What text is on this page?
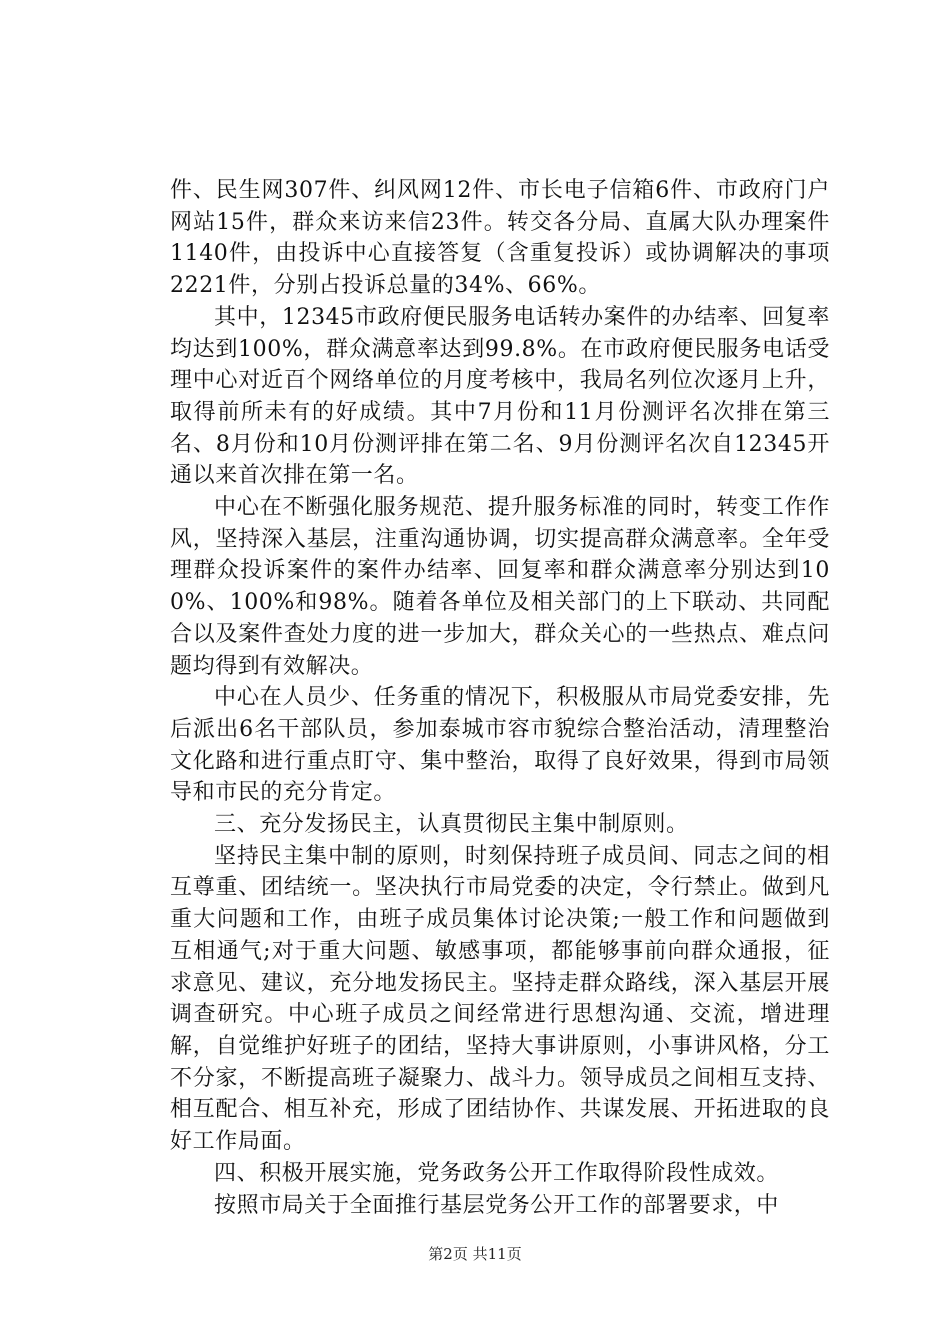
件、民生网307件、纠风网12件、市长电子信箱6件、市政府门户网站15件，群众来访来信23件。转交各分局、直属大队办理案件1140件，由投诉中心直接答复（含重复投诉）或协调解决的事项2221件，分别占投诉总量的34%、66%。

其中，12345市政府便民服务电话转办案件的办结率、回复率均达到100%，群众满意率达到99.8%。在市政府便民服务电话受理中心对近百个网络单位的月度考核中，我局名列位次逐月上升，取得前所未有的好成绩。其中7月份和11月份测评名次排在第三名、8月份和10月份测评排在第二名、9月份测评名次自12345开通以来首次排在第一名。

中心在不断强化服务规范、提升服务标准的同时，转变工作作风，坚持深入基层，注重沟通协调，切实提高群众满意率。全年受理群众投诉案件的案件办结率、回复率和群众满意率分别达到100%、100%和98%。随着各单位及相关部门的上下联动、共同配合以及案件查处力度的进一步加大，群众关心的一些热点、难点问题均得到有效解决。

中心在人员少、任务重的情况下，积极服从市局党委安排，先后派出6名干部队员，参加泰城市容市貌综合整治活动，清理整治文化路和进行重点盯守、集中整治，取得了良好效果，得到市局领导和市民的充分肯定。

三、充分发扬民主，认真贯彻民主集中制原则。

坚持民主集中制的原则，时刻保持班子成员间、同志之间的相互尊重、团结统一。坚决执行市局党委的决定，令行禁止。做到凡重大问题和工作，由班子成员集体讨论决策;一般工作和问题做到互相通气;对于重大问题、敏感事项，都能够事前向群众通报，征求意见、建议，充分地发扬民主。坚持走群众路线，深入基层开展调查研究。中心班子成员之间经常进行思想沟通、交流，增进理解，自觉维护好班子的团结，坚持大事讲原则，小事讲风格，分工不分家，不断提高班子凝聚力、战斗力。领导成员之间相互支持、相互配合、相互补充，形成了团结协作、共谋发展、开拓进取的良好工作局面。

四、积极开展实施，党务政务公开工作取得阶段性成效。

按照市局关于全面推行基层党务公开工作的部署要求，中

第2页 共11页
